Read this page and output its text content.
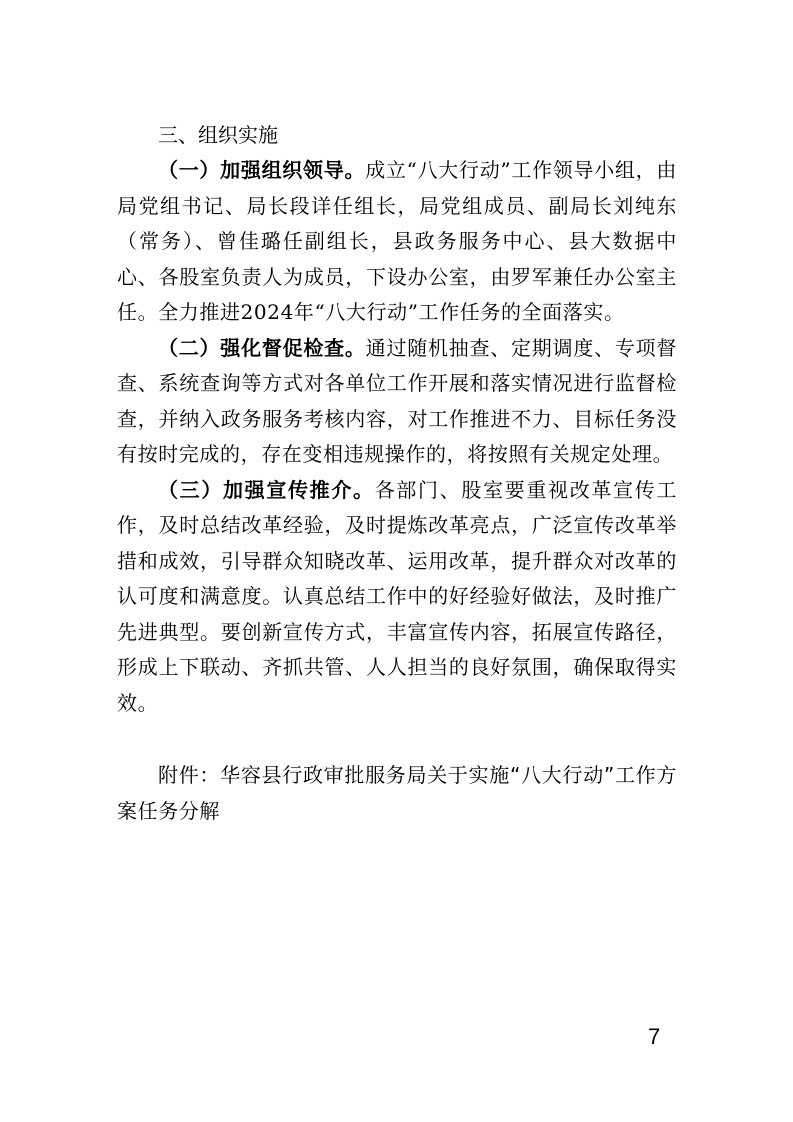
三、组织实施

（一）加强组织领导。成立“八大行动”工作领导小组，由局党组书记、局长段详任组长，局党组成员、副局长刘纯东（常务）、曾佳璐任副组长，县政务服务中心、县大数据中心、各股室负责人为成员，下设办公室，由罗军兼任办公室主任。全力推进2024年“八大行动”工作任务的全面落实。

（二）强化督促检查。通过随机抽查、定期调度、专项督查、系统查询等方式对各单位工作开展和落实情况进行监督检查，并纳入政务服务考核内容，对工作推进不力、目标任务没有按时完成的，存在变相违规操作的，将按照有关规定处理。

（三）加强宣传推介。各部门、股室要重视改革宣传工作，及时总结改革经验，及时提炼改革亮点，广泛宣传改革举措和成效，引导群众知晓改革、运用改革，提升群众对改革的认可度和满意度。认真总结工作中的好经验好做法，及时推广先进典型。要创新宣传方式，丰富宣传内容，拓展宣传路径，形成上下联动、齐抓共管、人人担当的良好氛围，确保取得实效。

附件：华容县行政审批服务局关于实施“八大行动”工作方案任务分解

7
